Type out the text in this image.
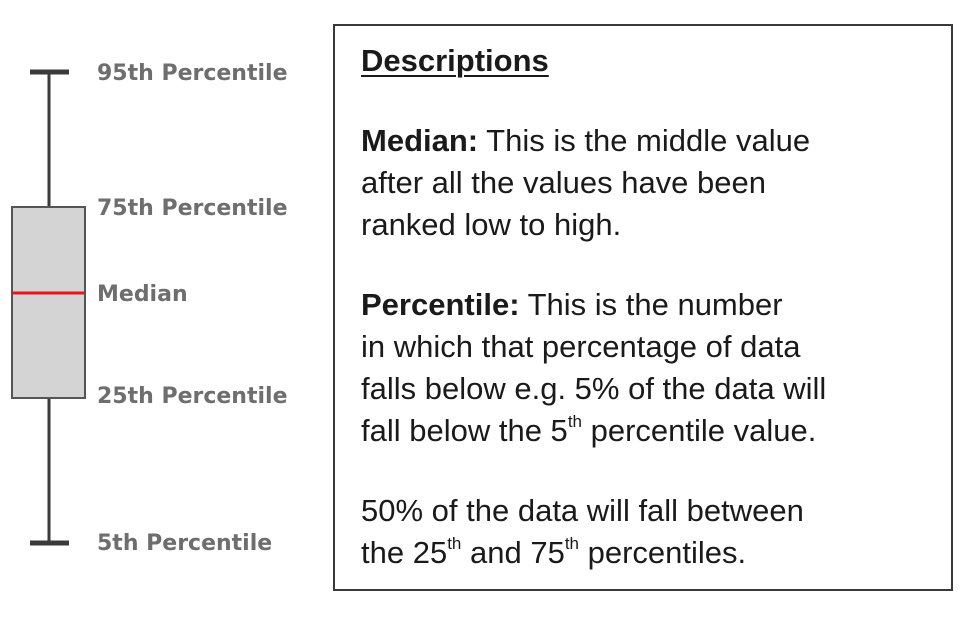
95th Percentile
75th Percentile
Median
25th Percentile
5th Percentile
Descriptions
Median: This is the middle value
after all the values have been
ranked low to high.
Percentile: This is the number
in which that percentage of data
falls below e.g. 5% of the data will
fall below the 5th percentile value.
50% of the data will fall between
the 25th and 75th percentiles.
